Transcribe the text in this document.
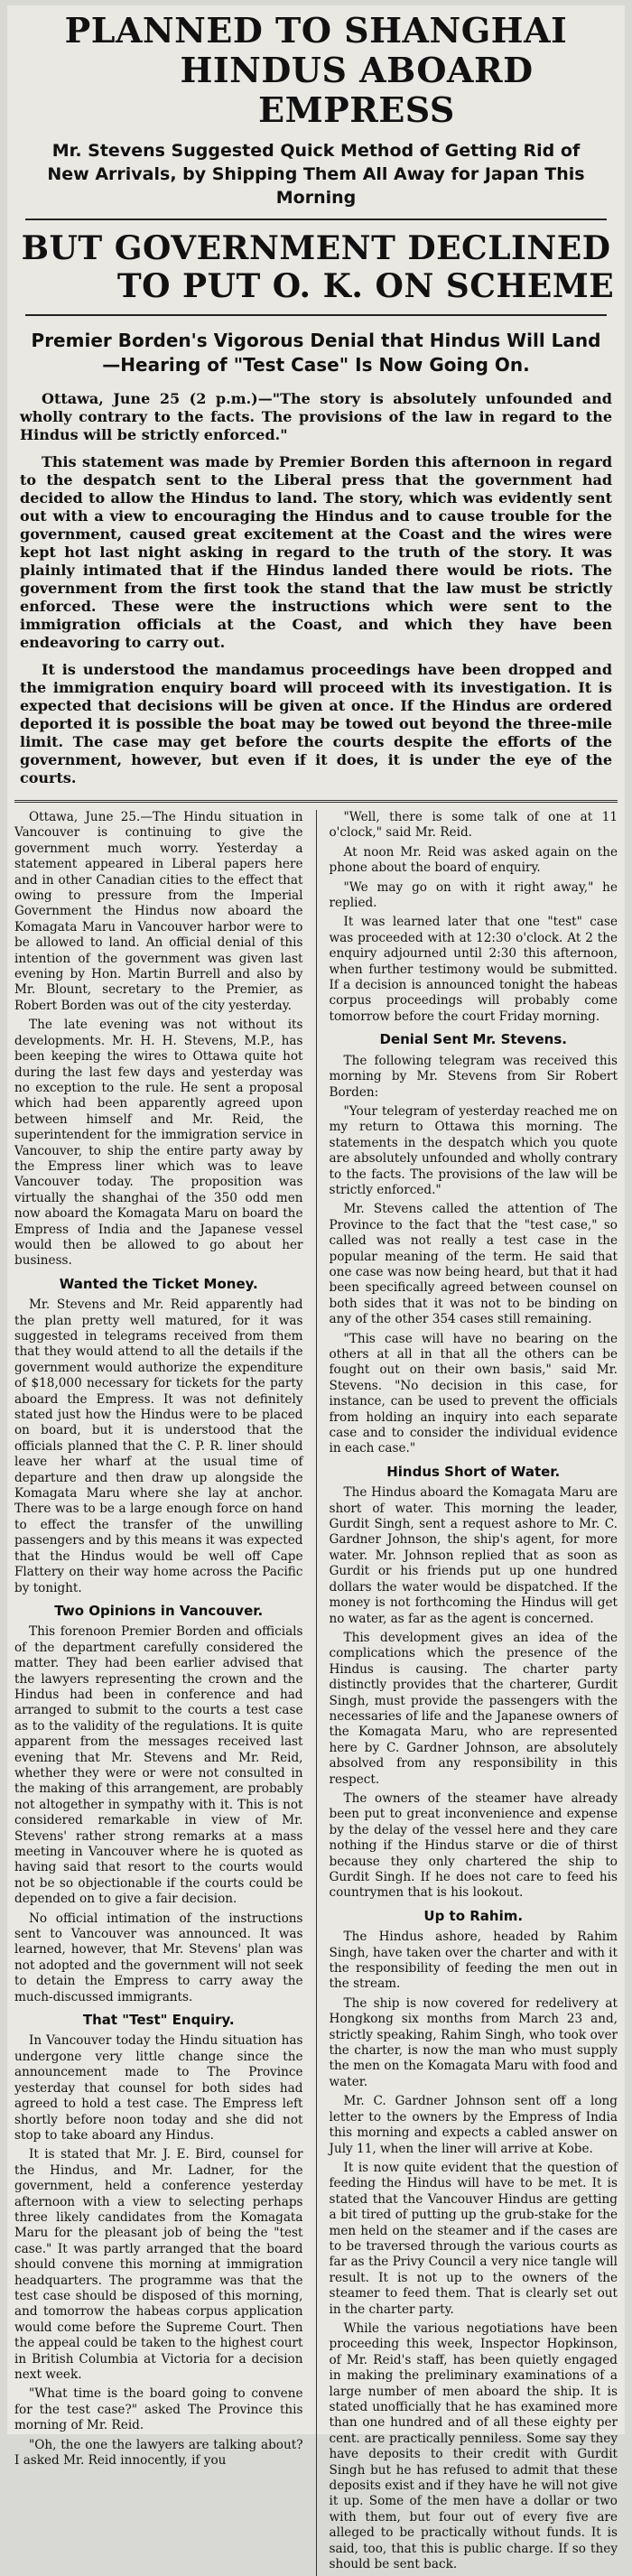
PLANNED TO SHANGHAI
HINDUS ABOARD EMPRESS
Mr. Stevens Suggested Quick Method of Getting Rid of New Arrivals, by Shipping Them All Away for Japan This Morning
BUT GOVERNMENT DECLINED
TO PUT O. K. ON SCHEME
Premier Borden's Vigorous Denial that Hindus Will Land—Hearing of "Test Case" Is Now Going On.

Ottawa, June 25 (2 p.m.)—"The story is absolutely unfounded and wholly contrary to the facts. The provisions of the law in regard to the Hindus will be strictly enforced."

This statement was made by Premier Borden this afternoon in regard to the despatch sent to the Liberal press that the government had decided to allow the Hindus to land. The story, which was evidently sent out with a view to encouraging the Hindus and to cause trouble for the government, caused great excitement at the Coast and the wires were kept hot last night asking in regard to the truth of the story. It was plainly intimated that if the Hindus landed there would be riots. The government from the first took the stand that the law must be strictly enforced. These were the instructions which were sent to the immigration officials at the Coast, and which they have been endeavoring to carry out.

It is understood the mandamus proceedings have been dropped and the immigration enquiry board will proceed with its investigation. It is expected that decisions will be given at once. If the Hindus are ordered deported it is possible the boat may be towed out beyond the three-mile limit. The case may get before the courts despite the efforts of the government, however, but even if it does, it is under the eye of the courts.

Ottawa, June 25.—The Hindu situation in Vancouver is continuing to give the government much worry. Yesterday a statement appeared in Liberal papers here and in other Canadian cities to the effect that owing to pressure from the Imperial Government the Hindus now aboard the Komagata Maru in Vancouver harbor were to be allowed to land. An official denial of this intention of the government was given last evening by Hon. Martin Burrell and also by Mr. Blount, secretary to the Premier, as Robert Borden was out of the city yesterday.

The late evening was not without its developments. Mr. H. H. Stevens, M.P., has been keeping the wires to Ottawa quite hot during the last few days and yesterday was no exception to the rule. He sent a proposal which had been apparently agreed upon between himself and Mr. Reid, the superintendent for the immigration service in Vancouver, to ship the entire party away by the Empress liner which was to leave Vancouver today. The proposition was virtually the shanghai of the 350 odd men now aboard the Komagata Maru on board the Empress of India and the Japanese vessel would then be allowed to go about her business.

Wanted the Ticket Money.

Mr. Stevens and Mr. Reid apparently had the plan pretty well matured, for it was suggested in telegrams received from them that they would attend to all the details if the government would authorize the expenditure of $18,000 necessary for tickets for the party aboard the Empress. It was not definitely stated just how the Hindus were to be placed on board, but it is understood that the officials planned that the C. P. R. liner should leave her wharf at the usual time of departure and then draw up alongside the Komagata Maru where she lay at anchor. There was to be a large enough force on hand to effect the transfer of the unwilling passengers and by this means it was expected that the Hindus would be well off Cape Flattery on their way home across the Pacific by tonight.

Two Opinions in Vancouver.

This forenoon Premier Borden and officials of the department carefully considered the matter. They had been earlier advised that the lawyers representing the crown and the Hindus had been in conference and had arranged to submit to the courts a test case as to the validity of the regulations. It is quite apparent from the messages received last evening that Mr. Stevens and Mr. Reid, whether they were or were not consulted in the making of this arrangement, are probably not altogether in sympathy with it. This is not considered remarkable in view of Mr. Stevens' rather strong remarks at a mass meeting in Vancouver where he is quoted as having said that resort to the courts would not be so objectionable if the courts could be depended on to give a fair decision.

No official intimation of the instructions sent to Vancouver was announced. It was learned, however, that Mr. Stevens' plan was not adopted and the government will not seek to detain the Empress to carry away the much-discussed immigrants.

That "Test" Enquiry.

In Vancouver today the Hindu situation has undergone very little change since the announcement made to The Province yesterday that counsel for both sides had agreed to hold a test case. The Empress left shortly before noon today and she did not stop to take aboard any Hindus.

It is stated that Mr. J. E. Bird, counsel for the Hindus, and Mr. Ladner, for the government, held a conference yesterday afternoon with a view to selecting perhaps three likely candidates from the Komagata Maru for the pleasant job of being the "test case." It was partly arranged that the board should convene this morning at immigration headquarters. The programme was that the test case should be disposed of this morning, and tomorrow the habeas corpus application would come before the Supreme Court. Then the appeal could be taken to the highest court in British Columbia at Victoria for a decision next week.

"What time is the board going to convene for the test case?" asked The Province this morning of Mr. Reid.

"Oh, the one the lawyers are talking about? I asked Mr. Reid innocently, if you

"Well, there is some talk of one at 11 o'clock," said Mr. Reid.

At noon Mr. Reid was asked again on the phone about the board of enquiry.

"We may go on with it right away," he replied.

It was learned later that one "test" case was proceeded with at 12:30 o'clock. At 2 the enquiry adjourned until 2:30 this afternoon, when further testimony would be submitted. If a decision is announced tonight the habeas corpus proceedings will probably come tomorrow before the court Friday morning.

Denial Sent Mr. Stevens.

The following telegram was received this morning by Mr. Stevens from Sir Robert Borden:

"Your telegram of yesterday reached me on my return to Ottawa this morning. The statements in the despatch which you quote are absolutely unfounded and wholly contrary to the facts. The provisions of the law will be strictly enforced."

Mr. Stevens called the attention of The Province to the fact that the "test case," so called was not really a test case in the popular meaning of the term. He said that one case was now being heard, but that it had been specifically agreed between counsel on both sides that it was not to be binding on any of the other 354 cases still remaining.

"This case will have no bearing on the others at all in that all the others can be fought out on their own basis," said Mr. Stevens. "No decision in this case, for instance, can be used to prevent the officials from holding an inquiry into each separate case and to consider the individual evidence in each case."

Hindus Short of Water.

The Hindus aboard the Komagata Maru are short of water. This morning the leader, Gurdit Singh, sent a request ashore to Mr. C. Gardner Johnson, the ship's agent, for more water. Mr. Johnson replied that as soon as Gurdit or his friends put up one hundred dollars the water would be dispatched. If the money is not forthcoming the Hindus will get no water, as far as the agent is concerned.

This development gives an idea of the complications which the presence of the Hindus is causing. The charter party distinctly provides that the charterer, Gurdit Singh, must provide the passengers with the necessaries of life and the Japanese owners of the Komagata Maru, who are represented here by C. Gardner Johnson, are absolutely absolved from any responsibility in this respect.

The owners of the steamer have already been put to great inconvenience and expense by the delay of the vessel here and they care nothing if the Hindus starve or die of thirst because they only chartered the ship to Gurdit Singh. If he does not care to feed his countrymen that is his lookout.

Up to Rahim.

The Hindus ashore, headed by Rahim Singh, have taken over the charter and with it the responsibility of feeding the men out in the stream.

The ship is now covered for redelivery at Hongkong six months from March 23 and, strictly speaking, Rahim Singh, who took over the charter, is now the man who must supply the men on the Komagata Maru with food and water.

Mr. C. Gardner Johnson sent off a long letter to the owners by the Empress of India this morning and expects a cabled answer on July 11, when the liner will arrive at Kobe.

It is now quite evident that the question of feeding the Hindus will have to be met. It is stated that the Vancouver Hindus are getting a bit tired of putting up the grub-stake for the men held on the steamer and if the cases are to be traversed through the various courts as far as the Privy Council a very nice tangle will result. It is not up to the owners of the steamer to feed them. That is clearly set out in the charter party.

While the various negotiations have been proceeding this week, Inspector Hopkinson, of Mr. Reid's staff, has been quietly engaged in making the preliminary examinations of a large number of men aboard the ship. It is stated unofficially that he has examined more than one hundred and of all these eighty per cent. are practically penniless. Some say they have deposits to their credit with Gurdit Singh but he has refused to admit that these deposits exist and if they have he will not give it up. Some of the men have a dollar or two with them, but four out of every five are alleged to be practically without funds. It is said, too, that this is public charge. If so they should be sent back.
